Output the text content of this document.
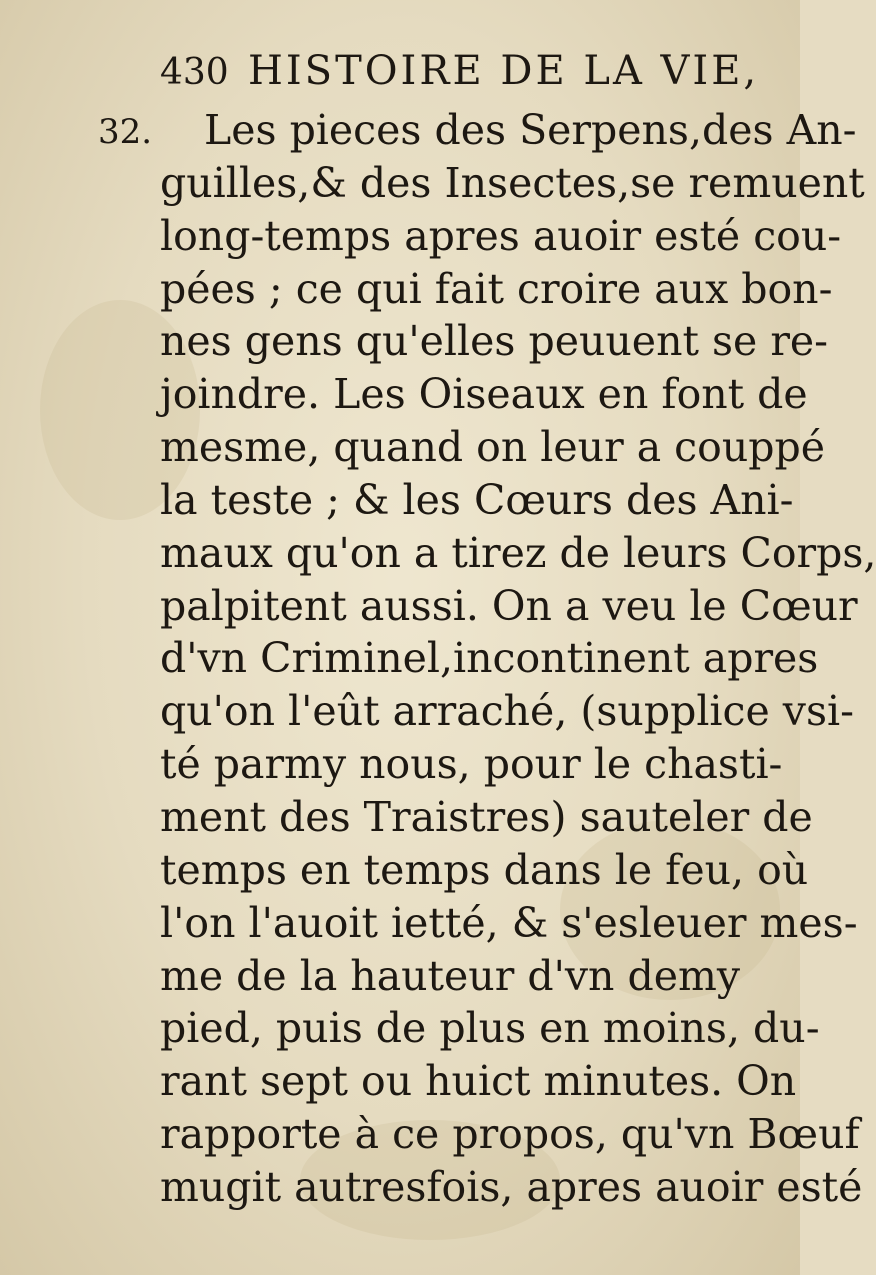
430 HISTOIRE DE LA VIE,
32.	Les pieces des Serpens,des An-
guilles,& des Insectes,se remuent
long-temps apres auoir esté cou-
pées ; ce qui fait croire aux bon-
nes gens qu'elles peuuent se re-
joindre. Les Oiseaux en font de
mesme, quand on leur a couppé
la teste ; & les Cœurs des Ani-
maux qu'on a tirez de leurs Corps,
palpitent aussi. On a veu le Cœur
d'vn Criminel,incontinent apres
qu'on l'eût arraché, (supplice vsi-
té parmy nous, pour le chasti-
ment des Traistres) sauteler de
temps en temps dans le feu, où
l'on l'auoit ietté, & s'esleuer mes-
me de la hauteur d'vn demy
pied, puis de plus en moins, du-
rant sept ou huict minutes. On
rapporte à ce propos, qu'vn Bœuf
mugit autresfois, apres auoir esté
